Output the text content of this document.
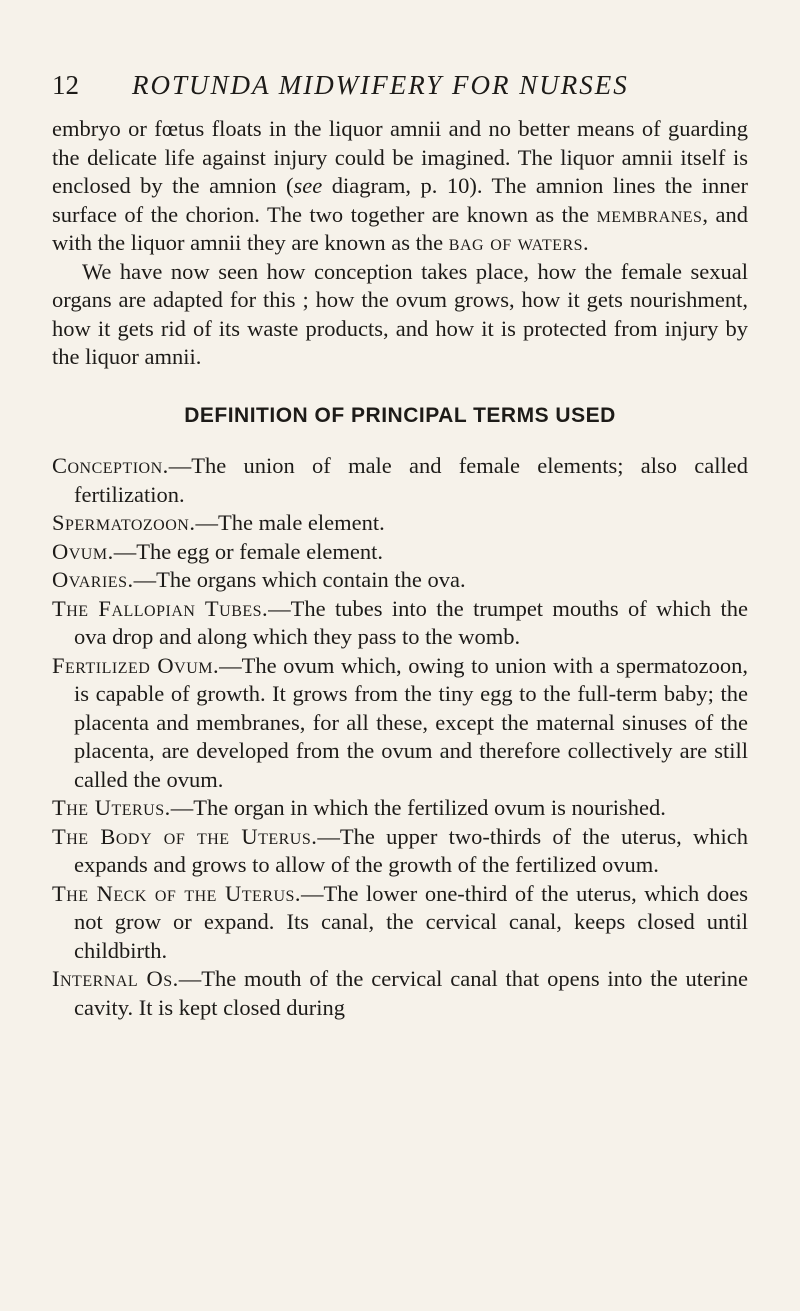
12 ROTUNDA MIDWIFERY FOR NURSES

embryo or fœtus floats in the liquor amnii and no better means of guarding the delicate life against injury could be imagined. The liquor amnii itself is enclosed by the amnion (see diagram, p. 10). The amnion lines the inner surface of the chorion. The two together are known as the membranes, and with the liquor amnii they are known as the bag of waters.

We have now seen how conception takes place, how the female sexual organs are adapted for this ; how the ovum grows, how it gets nourishment, how it gets rid of its waste products, and how it is protected from injury by the liquor amnii.

DEFINITION OF PRINCIPAL TERMS USED

Conception.—The union of male and female elements; also called fertilization.

Spermatozoon.—The male element.

Ovum.—The egg or female element.

Ovaries.—The organs which contain the ova.

The Fallopian Tubes.—The tubes into the trumpet mouths of which the ova drop and along which they pass to the womb.

Fertilized Ovum.—The ovum which, owing to union with a spermatozoon, is capable of growth. It grows from the tiny egg to the full-term baby; the placenta and membranes, for all these, except the maternal sinuses of the placenta, are developed from the ovum and therefore collectively are still called the ovum.

The Uterus.—The organ in which the fertilized ovum is nourished.

The Body of the Uterus.—The upper two-thirds of the uterus, which expands and grows to allow of the growth of the fertilized ovum.

The Neck of the Uterus.—The lower one-third of the uterus, which does not grow or expand. Its canal, the cervical canal, keeps closed until childbirth.

Internal Os.—The mouth of the cervical canal that opens into the uterine cavity. It is kept closed during
